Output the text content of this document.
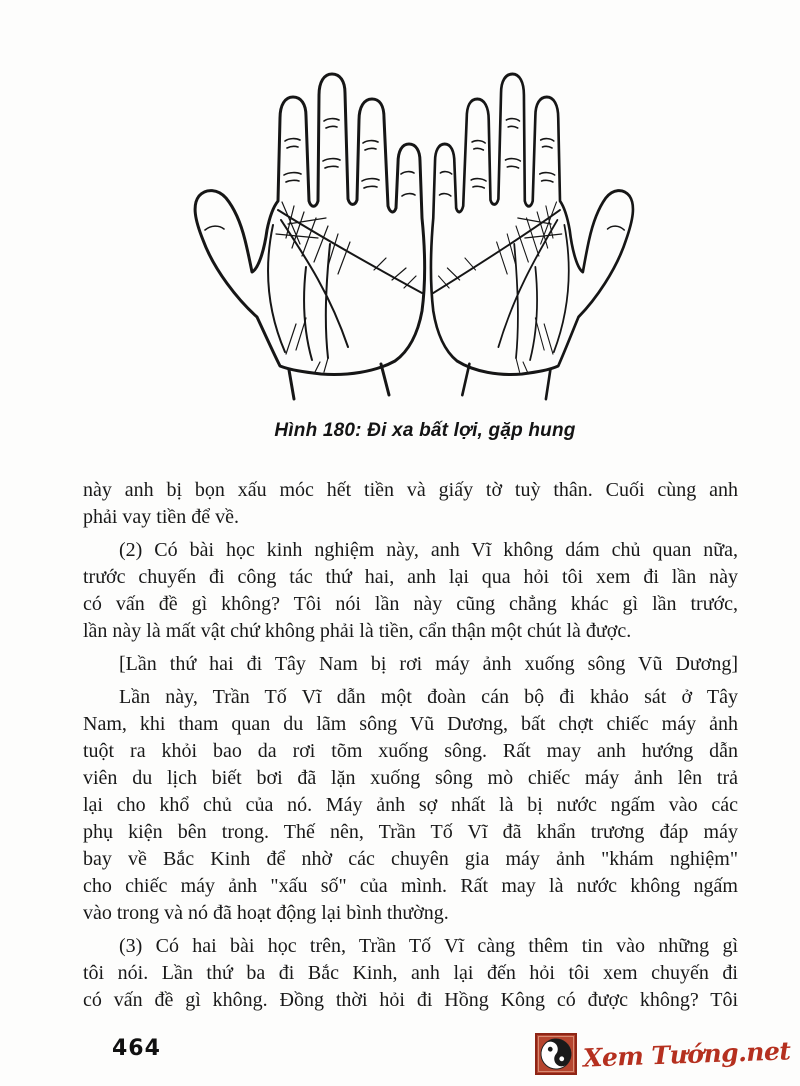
Hình 180: Đi xa bất lợi, gặp hung
này anh bị bọn xấu móc hết tiền và giấy tờ tuỳ thân. Cuối cùng anh
phải vay tiền để về.
(2) Có bài học kinh nghiệm này, anh Vĩ không dám chủ quan nữa,
trước chuyến đi công tác thứ hai, anh lại qua hỏi tôi xem đi lần này
có vấn đề gì không? Tôi nói lần này cũng chẳng khác gì lần trước,
lần này là mất vật chứ không phải là tiền, cẩn thận một chút là được.
[Lần thứ hai đi Tây Nam bị rơi máy ảnh xuống sông Vũ Dương]
Lần này, Trần Tố Vĩ dẫn một đoàn cán bộ đi khảo sát ở Tây
Nam, khi tham quan du lãm sông Vũ Dương, bất chợt chiếc máy ảnh
tuột ra khỏi bao da rơi tõm xuống sông. Rất may anh hướng dẫn
viên du lịch biết bơi đã lặn xuống sông mò chiếc máy ảnh lên trả
lại cho khổ chủ của nó. Máy ảnh sợ nhất là bị nước ngấm vào các
phụ kiện bên trong. Thế nên, Trần Tố Vĩ đã khẩn trương đáp máy
bay về Bắc Kinh để nhờ các chuyên gia máy ảnh "khám nghiệm"
cho chiếc máy ảnh "xấu số" của mình. Rất may là nước không ngấm
vào trong và nó đã hoạt động lại bình thường.
(3) Có hai bài học trên, Trần Tố Vĩ càng thêm tin vào những gì
tôi nói. Lần thứ ba đi Bắc Kinh, anh lại đến hỏi tôi xem chuyến đi
có vấn đề gì không. Đồng thời hỏi đi Hồng Kông có được không? Tôi
464	Xem Tướng.net
